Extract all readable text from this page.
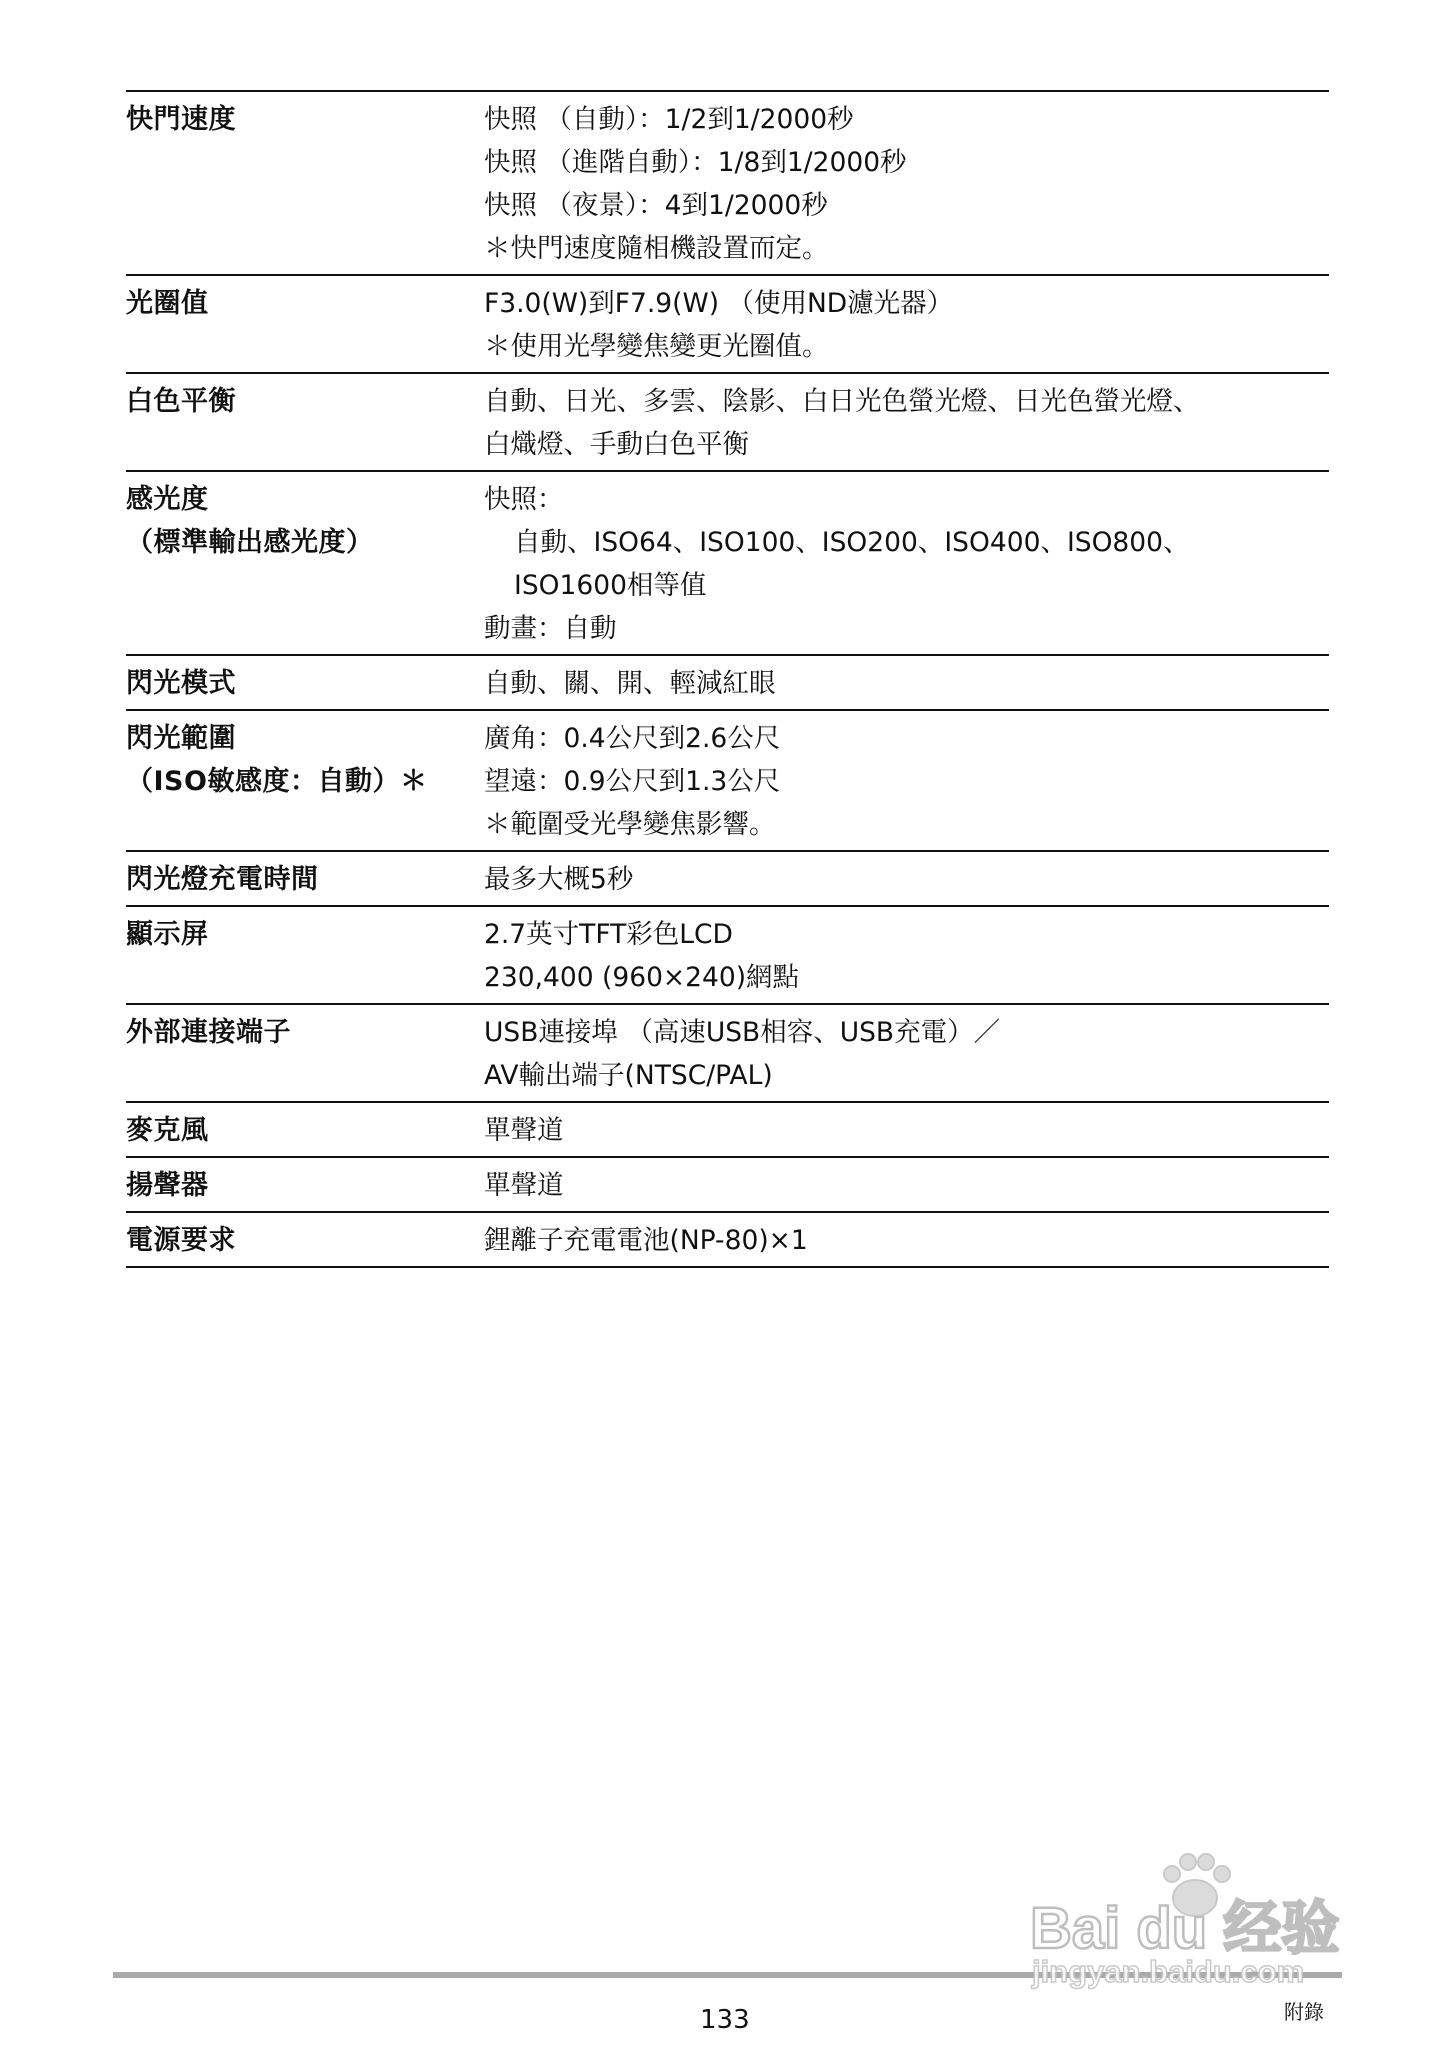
快門速度	快照 （自動）：1/2到1/2000秒
快照 （進階自動）：1/8到1/2000秒
快照 （夜景）：4到1/2000秒
＊快門速度隨相機設置而定。

光圈值	F3.0(W)到F7.9(W) （使用ND濾光器）
＊使用光學變焦變更光圈值。

白色平衡	自動、日光、多雲、陰影、白日光色螢光燈、日光色螢光燈、
白熾燈、手動白色平衡

感光度
（標準輸出感光度）	快照：
自動、ISO64、ISO100、ISO200、ISO400、ISO800、
ISO1600相等值
動畫：自動

閃光模式	自動、關、開、輕減紅眼

閃光範圍
（ISO敏感度：自動）＊	廣角：0.4公尺到2.6公尺
望遠：0.9公尺到1.3公尺
＊範圍受光學變焦影響。

閃光燈充電時間	最多大概5秒

顯示屏	2.7英寸TFT彩色LCD
230,400 (960×240)網點

外部連接端子	USB連接埠 （高速USB相容、USB充電）／
AV輸出端子(NTSC/PAL)

麥克風	單聲道

揚聲器	單聲道

電源要求	鋰離子充電電池(NP-80)×1
133	附錄
Bai du 经验
jingyan.baidu.com
